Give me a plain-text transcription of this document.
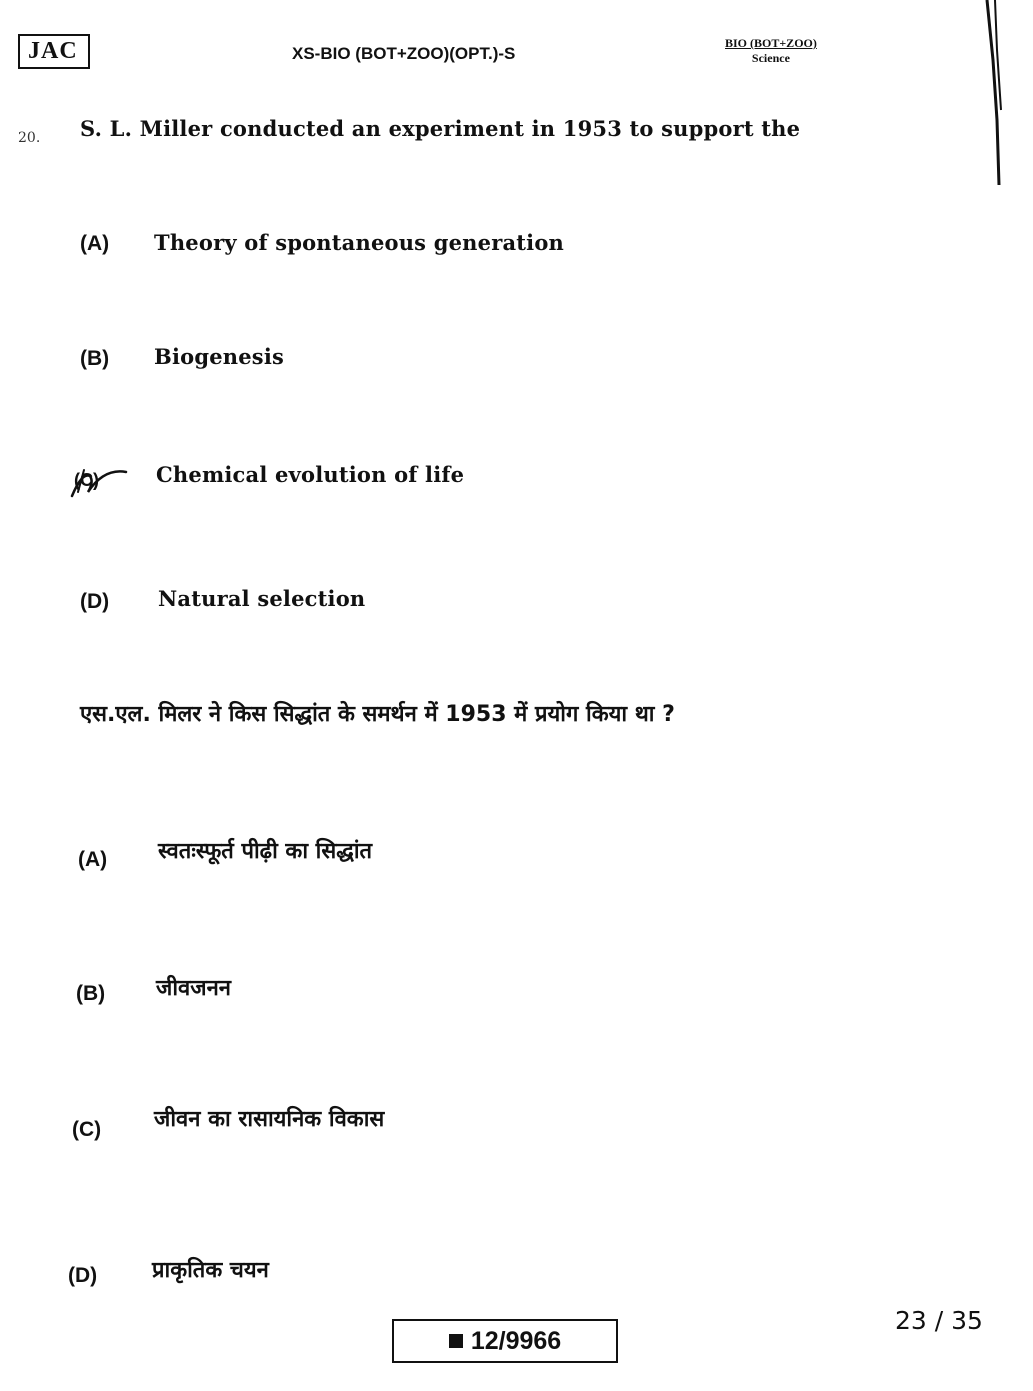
JAC	XS-BIO (BOT+ZOO)(OPT.)-S
BIO (BOT+ZOO)
Science
20. S. L. Miller conducted an experiment in 1953 to support the
(A) Theory of spontaneous generation
(B) Biogenesis
(C)	Chemical evolution of life
(D) Natural selection
एस.एल. मिलर ने किस सिद्धांत के समर्थन में 1953 में प्रयोग किया था ?
(A) स्वतःस्फूर्त पीढ़ी का सिद्धांत
(B) जीवजनन
(C) जीवन का रासायनिक विकास
(D) प्राकृतिक चयन
12/9966
23 / 35
